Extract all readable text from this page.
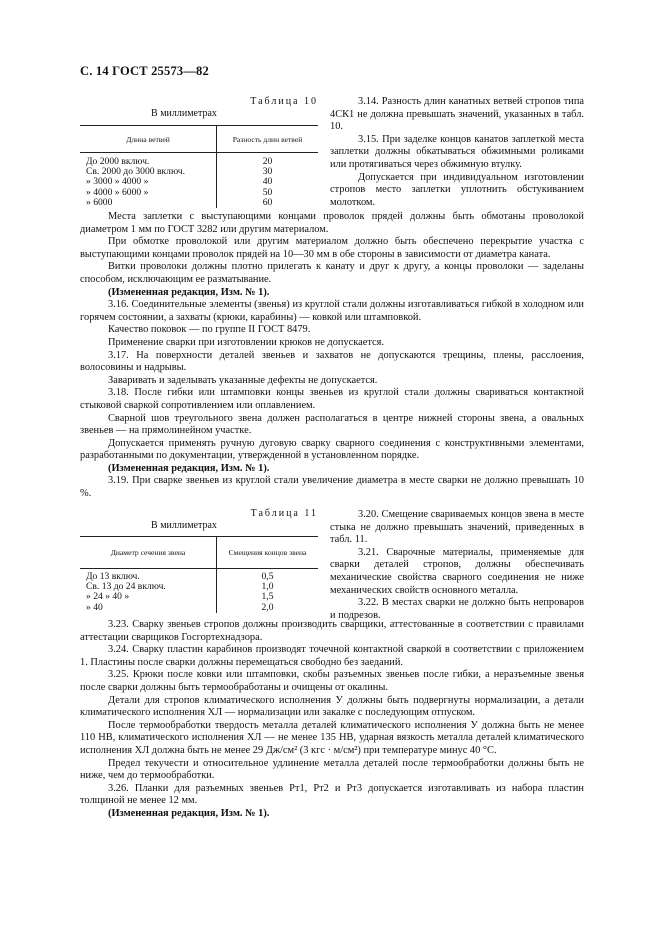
С. 14 ГОСТ 25573—82
Таблица 10
В миллиметрах
Длина ветвей	Разность длин ветвей
До 2000 включ.	20
Св. 2000 до 3000 включ.	30
» 3000 » 4000 »	40
» 4000 » 6000 »	50
» 6000	60

3.14. Разность длин канатных ветвей стропов типа 4СК1 не должна превышать значений, указанных в табл. 10.

3.15. При заделке концов канатов заплеткой места заплетки должны обкатываться обжимными роликами или протягиваться через обжимную втулку.

Допускается при индивидуальном изготовлении стропов место заплетки уплотнить обстукиванием молотком.

Места заплетки с выступающими концами проволок прядей должны быть обмотаны проволокой диаметром 1 мм по ГОСТ 3282 или другим материалом.

При обмотке проволокой или другим материалом должно быть обеспечено перекрытие участка с выступающими концами проволок прядей на 10—30 мм в обе стороны в зависимости от диаметра каната.

Витки проволоки должны плотно прилегать к канату и друг к другу, а концы проволоки — заделаны способом, исключающим ее разматывание.

(Измененная редакция, Изм. № 1).

3.16. Соединительные элементы (звенья) из круглой стали должны изготавливаться гибкой в холодном или горячем состоянии, а захваты (крюки, карабины) — ковкой или штамповкой.

Качество поковок — по группе II ГОСТ 8479.

Применение сварки при изготовлении крюков не допускается.

3.17. На поверхности деталей звеньев и захватов не допускаются трещины, плены, расслоения, волосовины и надрывы.

Заваривать и заделывать указанные дефекты не допускается.

3.18. После гибки или штамповки концы звеньев из круглой стали должны свариваться контактной стыковой сваркой сопротивлением или оплавлением.

Сварной шов треугольного звена должен располагаться в центре нижней стороны звена, а овальных звеньев — на прямолинейном участке.

Допускается применять ручную дуговую сварку сварного соединения с конструктивными элементами, разработанными по документации, утвержденной в установленном порядке.

(Измененная редакция, Изм. № 1).

3.19. При сварке звеньев из круглой стали увеличение диаметра в месте сварки не должно превышать 10 %.

Таблица 11
В миллиметрах
Диаметр сечения звена	Смещения концов звена
До 13 включ.	0,5
Св. 13 до 24 включ.	1,0
» 24 » 40 »	1,5
» 40	2,0

3.20. Смещение свариваемых концов звена в месте стыка не должно превышать значений, приведенных в табл. 11.

3.21. Сварочные материалы, применяемые для сварки деталей стропов, должны обеспечивать механические свойства сварного соединения не ниже механических свойств основного металла.

3.22. В местах сварки не должно быть непроваров и подрезов.

3.23. Сварку звеньев стропов должны производить сварщики, аттестованные в соответствии с правилами аттестации сварщиков Госгортехнадзора.

3.24. Сварку пластин карабинов производят точечной контактной сваркой в соответствии с приложением 1. Пластины после сварки должны перемещаться свободно без заеданий.

3.25. Крюки после ковки или штамповки, скобы разъемных звеньев после гибки, а неразъемные звенья после сварки должны быть термообработаны и очищены от окалины.

Детали для стропов климатического исполнения У должны быть подвергнуты нормализации, а детали климатического исполнения ХЛ — нормализации или закалке с последующим отпуском.

После термообработки твердость металла деталей климатического исполнения У должна быть не менее 110 НВ, климатического исполнения ХЛ — не менее 135 НВ, ударная вязкость металла деталей климатического исполнения ХЛ должна быть не менее 29 Дж/см² (3 кгс · м/см²) при температуре минус 40 °С.

Предел текучести и относительное удлинение металла деталей после термообработки должны быть не ниже, чем до термообработки.

3.26. Планки для разъемных звеньев Рт1, Рт2 и Рт3 допускается изготавливать из набора пластин толщиной не менее 12 мм.

(Измененная редакция, Изм. № 1).
